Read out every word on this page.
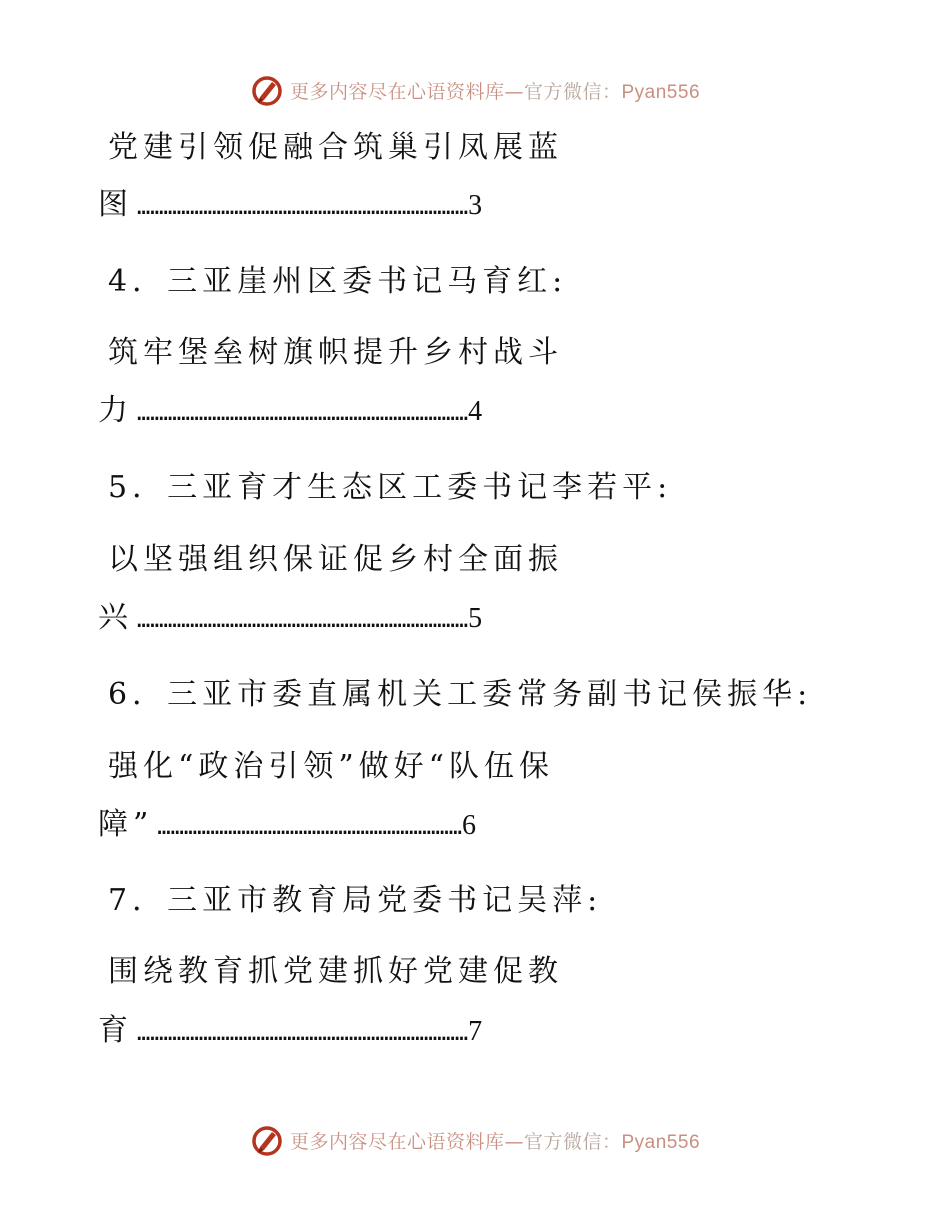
更多内容尽在心语资料库—官方微信：Pyan556
党建引领促融合筑巢引凤展蓝
图 ………………………………………………………………… 3
4．三亚崖州区委书记马育红:
筑牢堡垒树旗帜提升乡村战斗
力 ………………………………………………………………… 4
5．三亚育才生态区工委书记李若平:
以坚强组织保证促乡村全面振
兴 ………………………………………………………………… 5
6．三亚市委直属机关工委常务副书记侯振华:
强化“政治引领”做好“队伍保
障” …………………………………………………………… 6
7．三亚市教育局党委书记吴萍:
围绕教育抓党建抓好党建促教
育 ………………………………………………………………… 7
更多内容尽在心语资料库—官方微信：Pyan556
